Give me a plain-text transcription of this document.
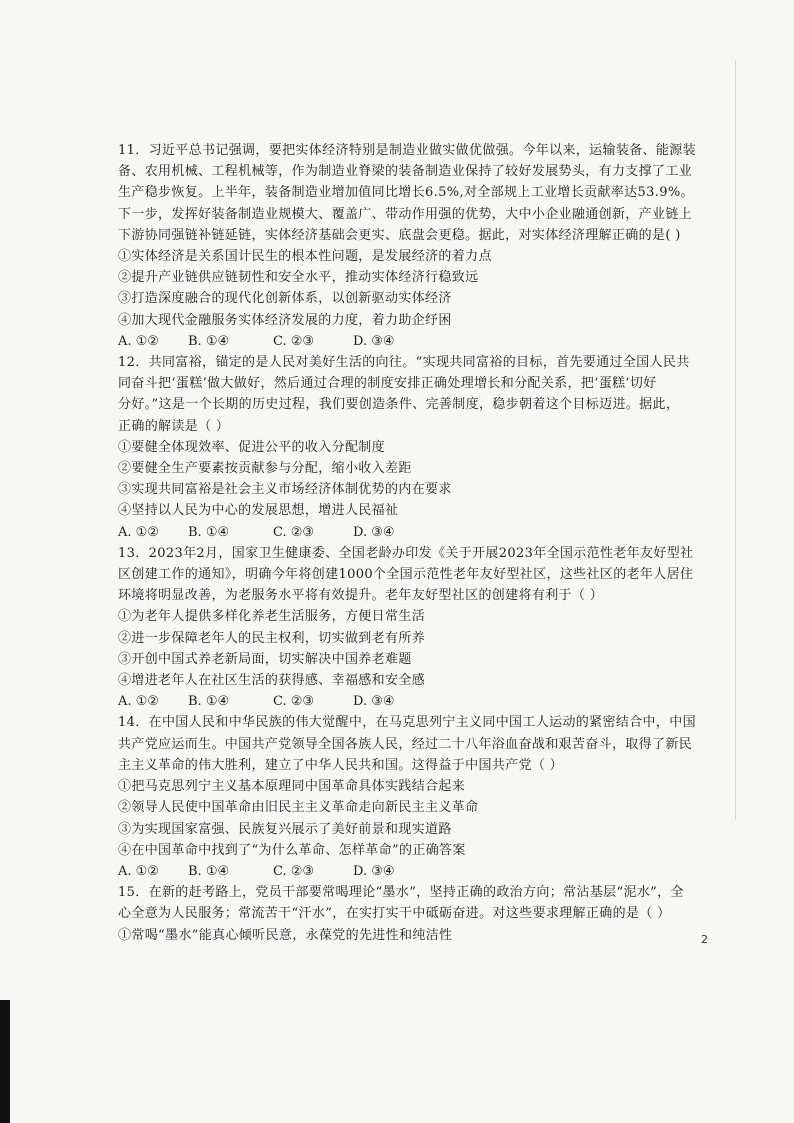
11．习近平总书记强调，要把实体经济特别是制造业做实做优做强。今年以来，运输装备、能源装
备、农用机械、工程机械等，作为制造业脊梁的装备制造业保持了较好发展势头，有力支撑了工业
生产稳步恢复。上半年，装备制造业增加值同比增长6.5%,对全部规上工业增长贡献率达53.9%。
下一步，发挥好装备制造业规模大、覆盖广、带动作用强的优势，大中小企业融通创新，产业链上
下游协同强链补链延链，实体经济基础会更实、底盘会更稳。据此，对实体经济理解正确的是( )
①实体经济是关系国计民生的根本性问题，是发展经济的着力点
②提升产业链供应链韧性和安全水平，推动实体经济行稳致远
③打造深度融合的现代化创新体系，以创新驱动实体经济
④加大现代金融服务实体经济发展的力度，着力助企纾困
A. ①② B. ①④	C. ②③	D. ③④
12．共同富裕，锚定的是人民对美好生活的向往。“实现共同富裕的目标，首先要通过全国人民共
同奋斗把‘蛋糕’做大做好，然后通过合理的制度安排正确处理增长和分配关系，把‘蛋糕’切好
分好。”这是一个长期的历史过程，我们要创造条件、完善制度，稳步朝着这个目标迈进。据此，
正确的解读是（ ）
①要健全体现效率、促进公平的收入分配制度
②要健全生产要素按贡献参与分配，缩小收入差距
③实现共同富裕是社会主义市场经济体制优势的内在要求
④坚持以人民为中心的发展思想，增进人民福祉
A. ①② B. ①④	C. ②③	D. ③④
13．2023年2月，国家卫生健康委、全国老龄办印发《关于开展2023年全国示范性老年友好型社
区创建工作的通知》，明确今年将创建1000个全国示范性老年友好型社区，这些社区的老年人居住
环境将明显改善，为老服务水平将有效提升。老年友好型社区的创建将有利于（ ）
①为老年人提供多样化养老生活服务，方便日常生活
②进一步保障老年人的民主权利，切实做到老有所养
③开创中国式养老新局面，切实解决中国养老难题
④增进老年人在社区生活的获得感、幸福感和安全感
A. ①② B. ①④	C. ②③	D. ③④
14．在中国人民和中华民族的伟大觉醒中，在马克思列宁主义同中国工人运动的紧密结合中，中国
共产党应运而生。中国共产党领导全国各族人民，经过二十八年浴血奋战和艰苦奋斗，取得了新民
主主义革命的伟大胜利，建立了中华人民共和国。这得益于中国共产党（ ）
①把马克思列宁主义基本原理同中国革命具体实践结合起来
②领导人民使中国革命由旧民主主义革命走向新民主主义革命
③为实现国家富强、民族复兴展示了美好前景和现实道路
④在中国革命中找到了“为什么革命、怎样革命”的正确答案
A. ①② B. ①④	C. ②③	D. ③④
15．在新的赶考路上，党员干部要常喝理论“墨水”，坚持正确的政治方向；常沾基层“泥水”，全
心全意为人民服务；常流苦干“汗水”，在实打实干中砥砺奋进。对这些要求理解正确的是（ ）
①常喝“墨水”能真心倾听民意，永葆党的先进性和纯洁性	2
